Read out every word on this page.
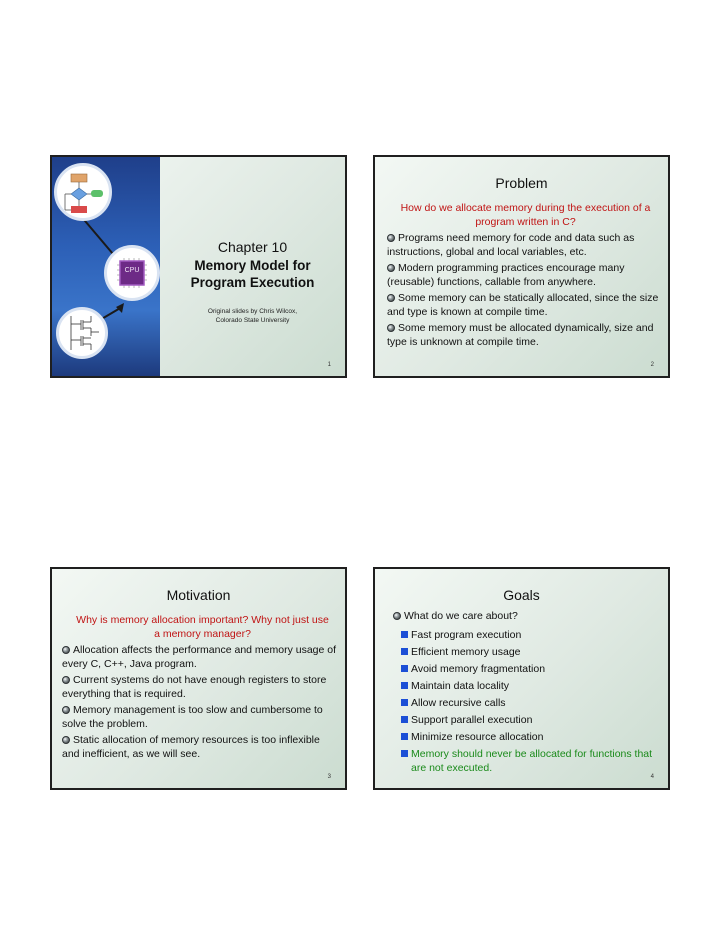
CPU
Chapter 10
Memory Model for
Program Execution
Original slides by Chris Wilcox,
Colorado State University
1
Problem
How do we allocate memory during the execution of a program written in C?
Programs need memory for code and data such as instructions, global and local variables, etc.
Modern programming practices encourage many (reusable) functions, callable from anywhere.
Some memory can be statically allocated, since the size and type is known at compile time.
Some memory must be allocated dynamically, size and type is unknown at compile time.
2
Motivation
Why is memory allocation important? Why not just use a memory manager?
Allocation affects the performance and memory usage of every C, C++, Java program.
Current systems do not have enough registers to store everything that is required.
Memory management is too slow and cumbersome to solve the problem.
Static allocation of memory resources is too inflexible and inefficient, as we will see.
3
Goals
What do we care about?
Fast program execution
Efficient memory usage
Avoid memory fragmentation
Maintain data locality
Allow recursive calls
Support parallel execution
Minimize resource allocation
Memory should never be allocated for functions that are not executed.
4
